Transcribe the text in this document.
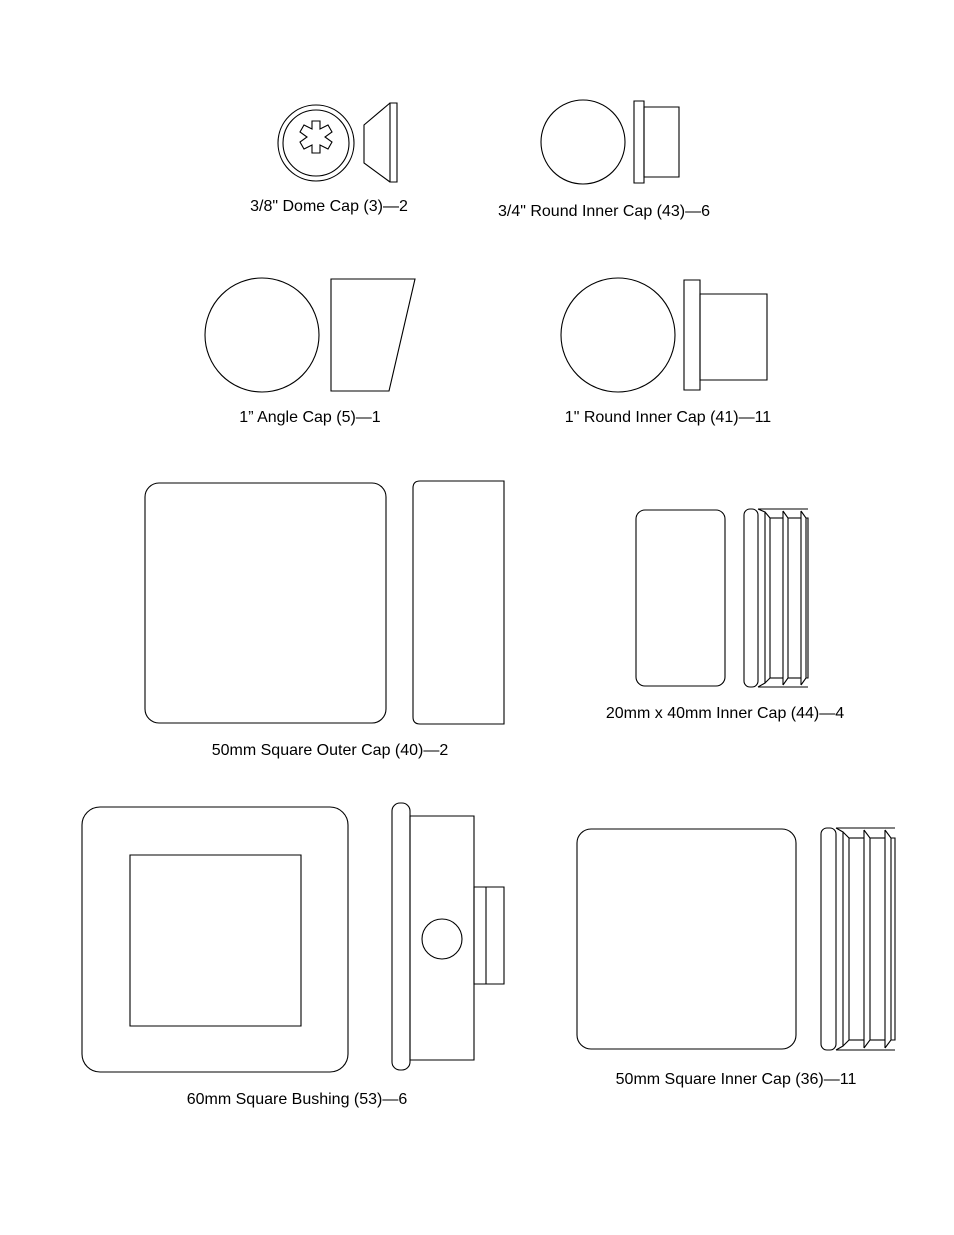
3/8" Dome Cap (3)—2	3/4" Round Inner Cap (43)—6
1” Angle Cap (5)—1	1" Round Inner Cap (41)—11
50mm Square Outer Cap (40)—2
20mm x 40mm Inner Cap (44)—4
60mm Square Bushing (53)—6
50mm Square Inner Cap (36)—11
